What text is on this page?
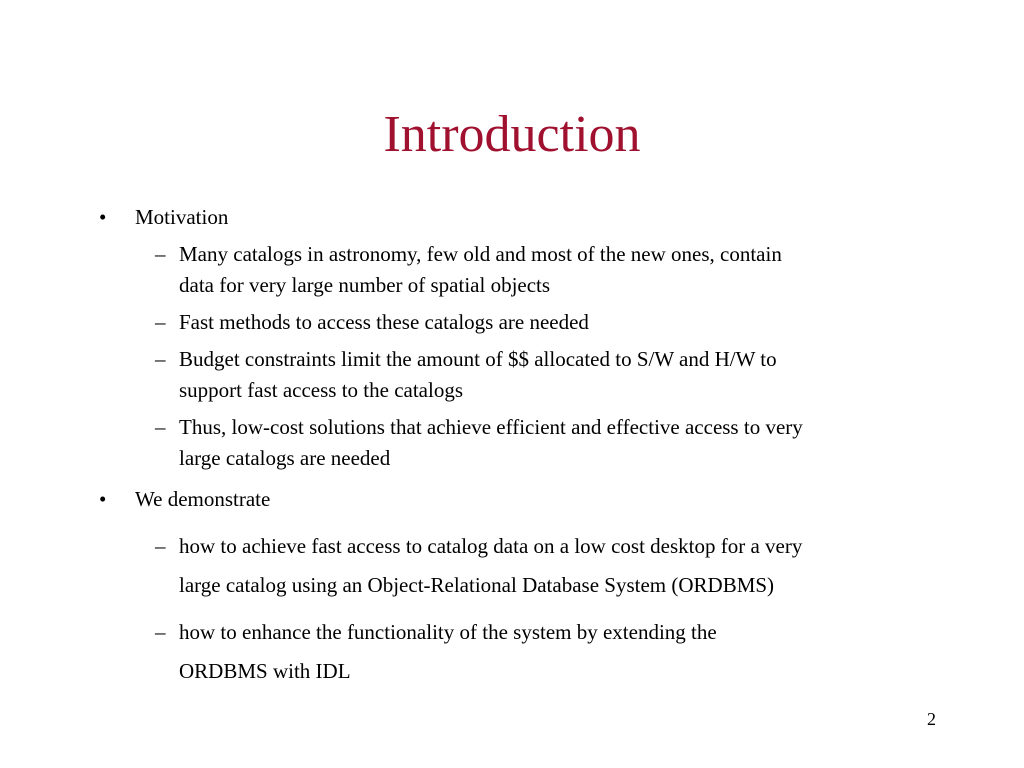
Introduction
• Motivation
– Many catalogs in astronomy, few old and most of the new ones, contain
data for very large number of spatial objects
– Fast methods to access these catalogs are needed
– Budget constraints limit the amount of $$ allocated to S/W and H/W to
support fast access to the catalogs
– Thus, low-cost solutions that achieve efficient and effective access to very
large catalogs are needed
• We demonstrate
– how to achieve fast access to catalog data on a low cost desktop for a very
large catalog using an Object-Relational Database System (ORDBMS)
– how to enhance the functionality of the system by extending the
ORDBMS with IDL
2
